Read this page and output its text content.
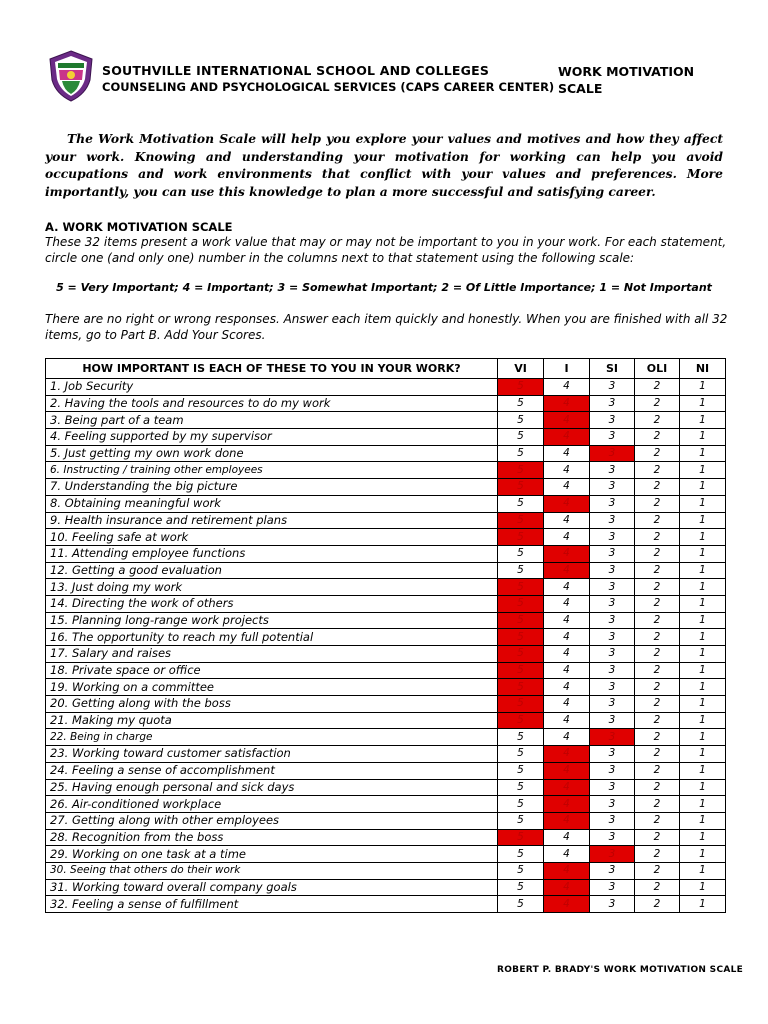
SOUTHVILLE INTERNATIONAL SCHOOL AND COLLEGES
COUNSELING AND PSYCHOLOGICAL SERVICES (CAPS CAREER CENTER)
WORK MOTIVATION SCALE
The Work Motivation Scale will help you explore your values and motives and how they affect your work. Knowing and understanding your motivation for working can help you avoid occupations and work environments that conflict with your values and preferences. More importantly, you can use this knowledge to plan a more successful and satisfying career.
A. WORK MOTIVATION SCALE
These 32 items present a work value that may or may not be important to you in your work. For each statement, circle one (and only one) number in the columns next to that statement using the following scale:
5 = Very Important; 4 = Important; 3 = Somewhat Important; 2 = Of Little Importance; 1 = Not Important
There are no right or wrong responses. Answer each item quickly and honestly. When you are finished with all 32 items, go to Part B. Add Your Scores.
HOW IMPORTANT IS EACH OF THESE TO YOU IN YOUR WORK?	VI	I	SI	OLI	NI
1. Job Security	5	4	3	2	1
2. Having the tools and resources to do my work	5	4	3	2	1
3. Being part of a team	5	4	3	2	1
4. Feeling supported by my supervisor	5	4	3	2	1
5. Just getting my own work done	5	4	3	2	1
6. Instructing / training other employees	5	4	3	2	1
7. Understanding the big picture	5	4	3	2	1
8. Obtaining meaningful work	5	4	3	2	1
9. Health insurance and retirement plans	5	4	3	2	1
10. Feeling safe at work	5	4	3	2	1
11. Attending employee functions	5	4	3	2	1
12. Getting a good evaluation	5	4	3	2	1
13. Just doing my work	5	4	3	2	1
14. Directing the work of others	5	4	3	2	1
15. Planning long-range work projects	5	4	3	2	1
16. The opportunity to reach my full potential	5	4	3	2	1
17. Salary and raises	5	4	3	2	1
18. Private space or office	5	4	3	2	1
19. Working on a committee	5	4	3	2	1
20. Getting along with the boss	5	4	3	2	1
21. Making my quota	5	4	3	2	1
22. Being in charge	5	4	3	2	1
23. Working toward customer satisfaction	5	4	3	2	1
24. Feeling a sense of accomplishment	5	4	3	2	1
25. Having enough personal and sick days	5	4	3	2	1
26. Air-conditioned workplace	5	4	3	2	1
27. Getting along with other employees	5	4	3	2	1
28. Recognition from the boss	5	4	3	2	1
29. Working on one task at a time	5	4	3	2	1
30. Seeing that others do their work	5	4	3	2	1
31. Working toward overall company goals	5	4	3	2	1
32. Feeling a sense of fulfillment	5	4	3	2	1
ROBERT P. BRADY'S WORK MOTIVATION SCALE
